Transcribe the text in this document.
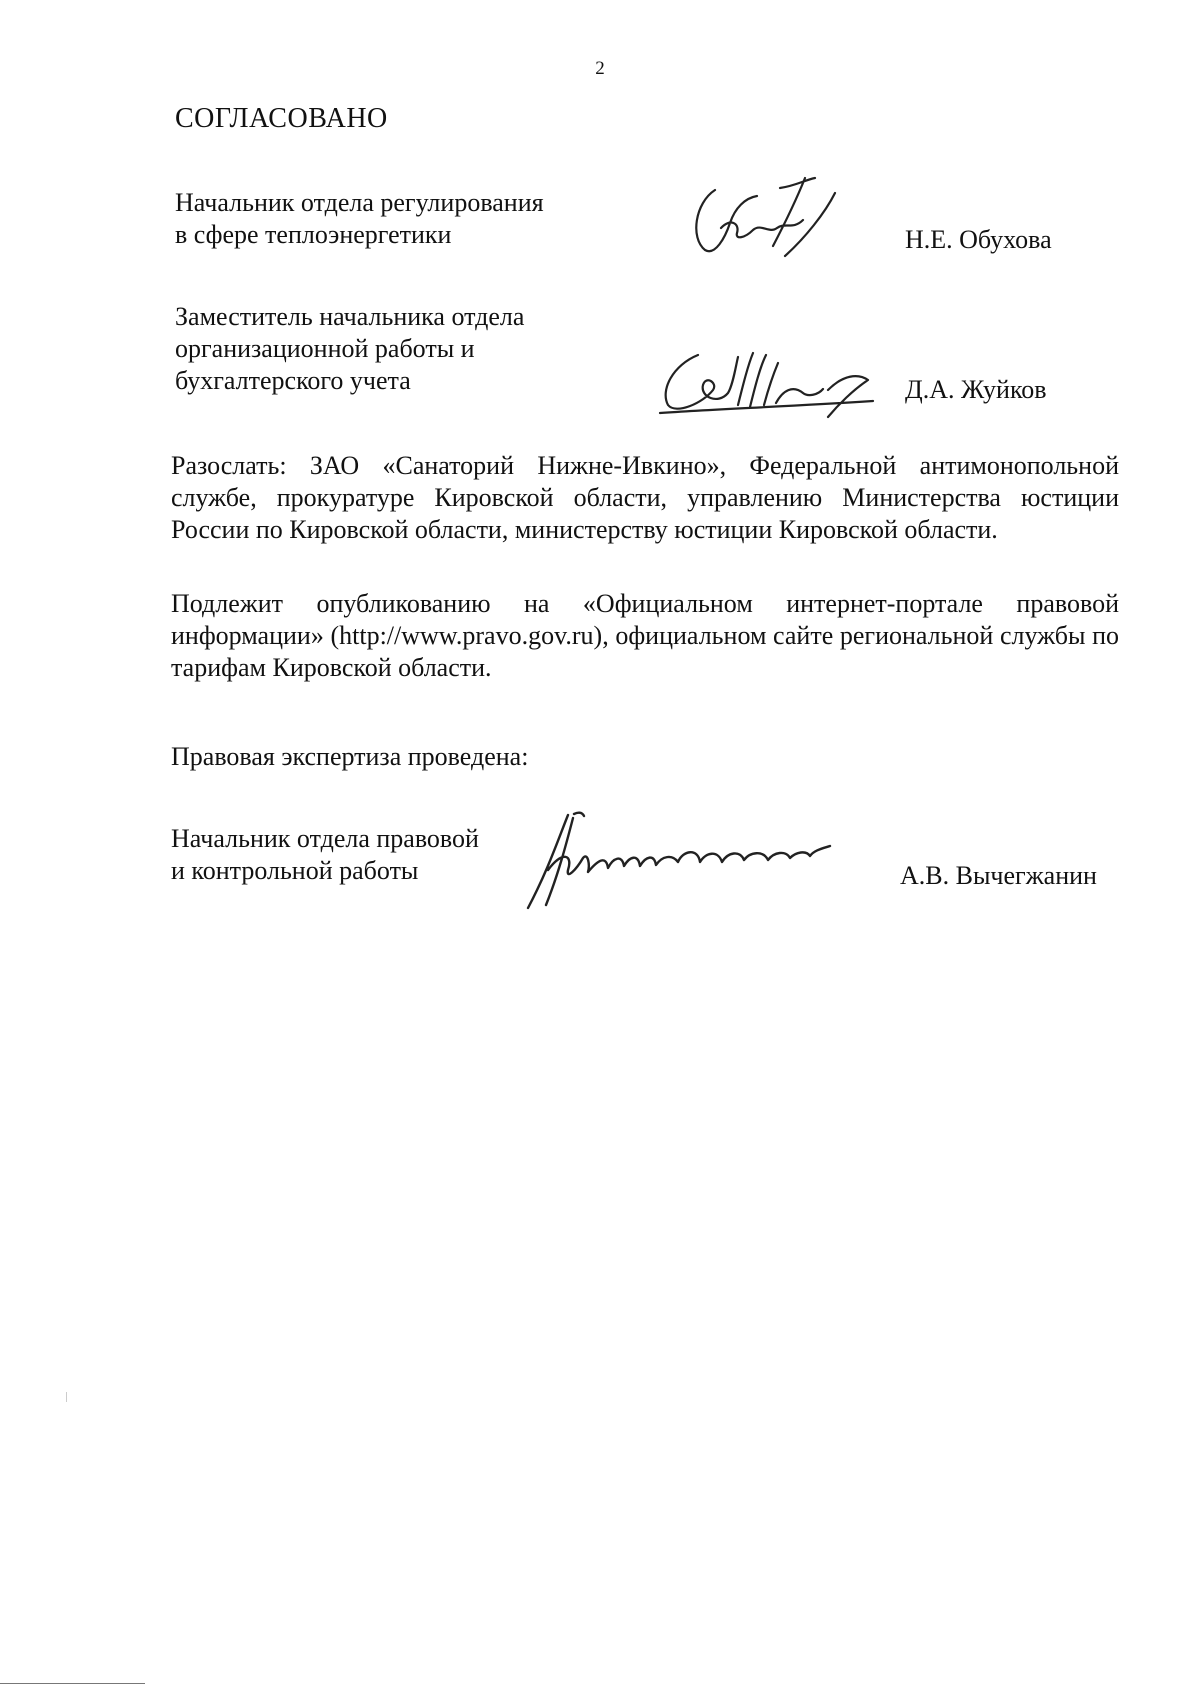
2
СОГЛАСОВАНО
Начальник отдела регулирования
в сфере теплоэнергетики	Н.Е. Обухова
Заместитель начальника отдела
организационной работы и
бухгалтерского учета	Д.А. Жуйков
Разослать: ЗАО «Санаторий Нижне-Ивкино», Федеральной антимонопольной службе, прокуратуре Кировской области, управлению Министерства юстиции России по Кировской области, министерству юстиции Кировской области.
Подлежит опубликованию на «Официальном интернет-портале правовой информации» (http://www.pravo.gov.ru), официальном сайте региональной службы по тарифам Кировской области.
Правовая экспертиза проведена:
Начальник отдела правовой
и контрольной работы	А.В. Вычегжанин
